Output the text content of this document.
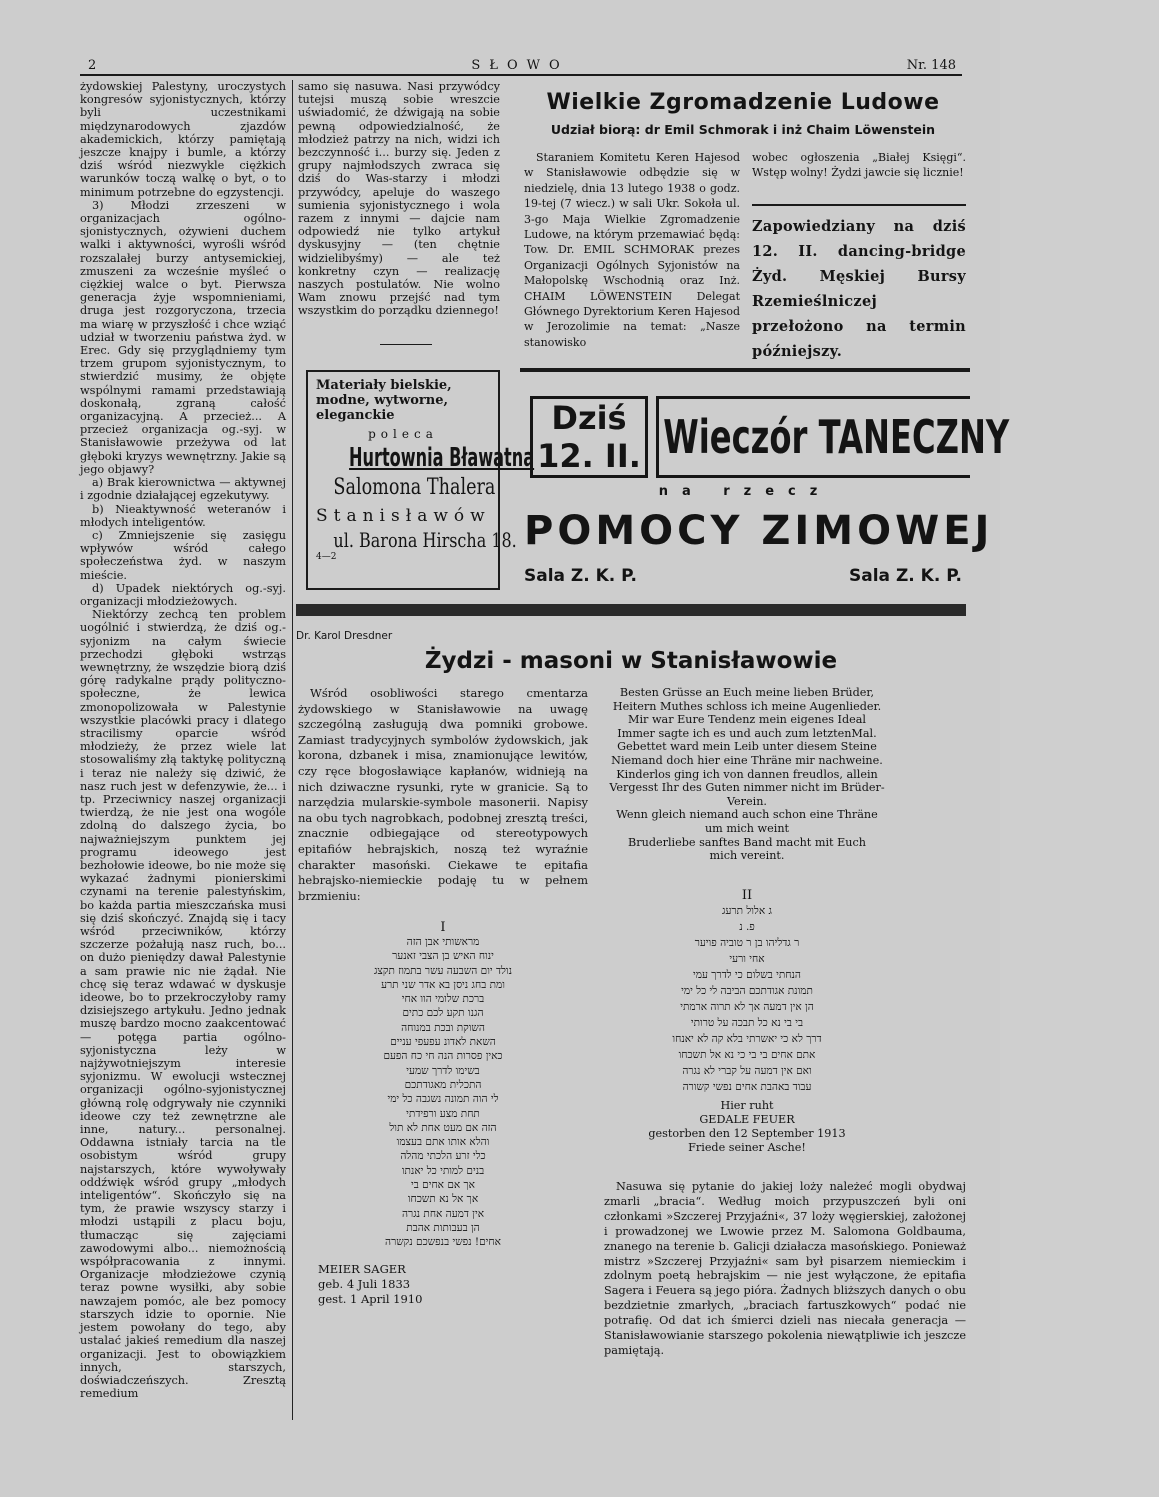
2	SŁOWO	Nr. 148

żydowskiej Palestyny, uroczystych kongresów syjonistycznych, którzy byli uczestnikami międzynarodowych zjazdów akademickich, którzy pamiętają jeszcze knajpy i bumle, a którzy dziś wśród niezwykle ciężkich warunków toczą walkę o byt, o to minimum potrzebne do egzystencji.

3) Młodzi zrzeszeni w organizacjach ogólno-sjonistycznych, ożywieni duchem walki i aktywności, wyrośli wśród rozszalałej burzy antysemickiej, zmuszeni za wcześnie myśleć o ciężkiej walce o byt. Pierwsza generacja żyje wspomnieniami, druga jest rozgoryczona, trzecia ma wiarę w przyszłość i chce wziąć udział w tworzeniu państwa żyd. w Erec. Gdy się przyglądniemy tym trzem grupom syjonistycznym, to stwierdzić musimy, że objęte wspólnymi ramami przedstawiają doskonałą, zgraną całość organizacyjną. A przecież... A przecież organizacja og.-syj. w Stanisławowie przeżywa od lat głęboki kryzys wewnętrzny. Jakie są jego objawy?

a) Brak kierownictwa — aktywnej i zgodnie działającej egzekutywy.

b) Nieaktywność weteranów i młodych inteligentów.

c) Zmniejszenie się zasięgu wpływów wśród całego społeczeństwa żyd. w naszym mieście.

d) Upadek niektórych og.-syj. organizacji młodzieżowych.

Niektórzy zechcą ten problem uogólnić i stwierdzą, że dziś og.-syjonizm na całym świecie przechodzi głęboki wstrząs wewnętrzny, że wszędzie biorą dziś górę radykalne prądy polityczno-społeczne, że lewica zmonopolizowała w Palestynie wszystkie placówki pracy i dlatego stracilismy oparcie wśród młodzieży, że przez wiele lat stosowaliśmy złą taktykę polityczną i teraz nie należy się dziwić, że nasz ruch jest w defenzywie, że... i tp. Przeciwnicy naszej organizacji twierdzą, że nie jest ona wogóle zdolną do dalszego życia, bo najważniejszym punktem jej programu ideowego jest bezhołowie ideowe, bo nie może się wykazać żadnymi pionierskimi czynami na terenie palestyńskim, bo każda partia mieszczańska musi się dziś skończyć. Znajdą się i tacy wśród przeciwników, którzy szczerze pożałują nasz ruch, bo... on dużo pieniędzy dawał Palestynie a sam prawie nic nie żądał. Nie chcę się teraz wdawać w dyskusje ideowe, bo to przekroczyłoby ramy dzisiejszego artykułu. Jedno jednak muszę bardzo mocno zaakcentować — potęga partia ogólno-syjonistyczna leży w najżywotniejszym interesie syjonizmu. W ewolucji wstecznej organizacji ogólno-syjonistycznej główną rolę odgrywały nie czynniki ideowe czy też zewnętrzne ale inne, natury... personalnej. Oddawna istniały tarcia na tle osobistym wśród grupy najstarszych, które wywoływały oddźwięk wśród grupy „młodych inteligentów“. Skończyło się na tym, że prawie wszyscy starzy i młodzi ustąpili z placu boju, tłumacząc się zajęciami zawodowymi albo... niemożnością współpracowania z innymi. Organizacje młodzieżowe czynią teraz powne wysiłki, aby sobie nawzajem pomóc, ale bez pomocy starszych idzie to opornie. Nie jestem powołany do tego, aby ustalać jakieś remedium dla naszej organizacji. Jest to obowiązkiem innych, starszych, doświadczeńszych. Zresztą remedium

samo się nasuwa. Nasi przywódcy tutejsi muszą sobie wreszcie uświadomić, że dźwigają na sobie pewną odpowiedzialność, że młodzież patrzy na nich, widzi ich bezczynność i... burzy się. Jeden z grupy najmłodszych zwraca się dziś do Was-starzy i młodzi przywódcy, apeluje do waszego sumienia syjonistycznego i wola razem z innymi — dajcie nam odpowiedź nie tylko artykuł dyskusyjny — (ten chętnie widzielibyśmy) — ale też konkretny czyn — realizację naszych postulatów. Nie wolno Wam znowu przejść nad tym wszystkim do porządku dziennego!

Materiały bielskie, modne, wytworne, eleganckie
poleca
Hurtownia Bławatna
Salomona Thalera
Stanisławów
ul. Barona Hirscha 18.
4—2
Wielkie Zgromadzenie Ludowe
Udział biorą: dr Emil Schmorak i inż Chaim Löwenstein

Staraniem Komitetu Keren Hajesod w Stanisławowie odbędzie się w niedzielę, dnia 13 lutego 1938 o godz. 19-tej (7 wiecz.) w sali Ukr. Sokoła ul. 3-go Maja Wielkie Zgromadzenie Ludowe, na którym przemawiać będą: Tow. Dr. EMIL SCHMORAK prezes Organizacji Ogólnych Syjonistów na Małopolskę Wschodnią oraz Inż. CHAIM LÖWENSTEIN Delegat Głównego Dyrektorium Keren Hajesod w Jerozolimie na temat: „Nasze stanowisko

wobec ogłoszenia „Białej Księgi“. Wstęp wolny! Żydzi jawcie się licznie!

Zapowiedziany na dziś 12. II. dancing-bridge Żyd. Męskiej Bursy Rzemieślniczej przełożono na termin późniejszy.

Dziś
12. II. Wieczór TANECZNY
na rzecz
POMOCY ZIMOWEJ
Sala Z. K. P.	Sala Z. K. P.
Dr. Karol Dresdner
Żydzi - masoni w Stanisławowie

Wśród osobliwości starego cmentarza żydowskiego w Stanisławowie na uwagę szczególną zasługują dwa pomniki grobowe. Zamiast tradycyjnych symbolów żydowskich, jak korona, dzbanek i misa, znamionujące lewitów, czy ręce błogosławiące kapłanów, widnieją na nich dziwaczne rysunki, ryte w granicie. Są to narzędzia mularskie-symbole masonerii. Napisy na obu tych nagrobkach, podobnej zresztą treści, znacznie odbiegające od stereotypowych epitafiów hebrajskich, noszą też wyraźnie charakter masoński. Ciekawe te epitafia hebrajsko-niemieckie podaję tu w pełnem brzmieniu:

I
מראשותי אבן הזה
ינוח האיש בן הצבי זאנער
נולד יום השבעה עשר בתמוז תקצג
ומת בחג ניסן בא אדר שני תרע
ברכת שלומי הוו אחי
הגנו תקע לכם כתים
השוקת ובכת במנוחה
השאת לאדונ עפעפי עניים
כאין פסרות הנה חי כח הפעם
בשימו לדרך שמעי
התכלית מאגודתכם
לי הוה תמונה נשגבה כל ימי
תחת מצע ורפידתי
הזה אם מעט אחת לא תול
והלא אותו אתם בעצמו
כלי זרע הלכתי מהלה
בנים למותי כל יאנתו
אך אם אחים בי
אך אל נא תשכחו
אין דמעה אחת נגרה
הן בעבותות אהבת
אחים! נפשי בנפשכם נקשרה
MEIER SAGER
geb. 4 Juli 1833
gest. 1 April 1910
Besten Grüsse an Euch meine lieben Brüder,
Heitern Muthes schloss ich meine Augenlieder.
Mir war Eure Tendenz mein eigenes Ideal
Immer sagte ich es und auch zum letztenMal.
Gebettet ward mein Leib unter diesem Steine
Niemand doch hier eine Thräne mir nachweine.
Kinderlos ging ich von dannen freudlos, allein
Vergesst Ihr des Guten nimmer nicht im Brüder-
Verein.
Wenn gleich niemand auch schon eine Thräne
um mich weint
Bruderliebe sanftes Band macht mit Euch
mich vereint.
II
ג אלול תרעג
פ. נ
ר גדליהו בן ר טוביה פויער
אחי ורעי
הנחתי בשלום כי לדרך עמי
תמונת אגודתכם הביבה לי כל ימי
הן אין דמעה אך לא תרוה ארמתי
בי בי נא כל תבכה על טרותי
דרך לא כי יאשרתי בלא קה לא יאנחו
אתם אחים בי בי כי נא אל תשכחו
ואם אין דמעה על קברי לא נגרה
עבוד באהבת אחים נפשי קשורה
Hier ruht
GEDALE FEUER
gestorben den 12 September 1913
Friede seiner Asche!

Nasuwa się pytanie do jakiej loży należeć mogli obydwaj zmarli „bracia“. Według moich przypuszczeń byli oni członkami »Szczerej Przyjaźni«, 37 loży węgierskiej, założonej i prowadzonej we Lwowie przez M. Salomona Goldbauma, znanego na terenie b. Galicji działacza masońskiego. Ponieważ mistrz »Szczerej Przyjaźni« sam był pisarzem niemieckim i zdolnym poetą hebrajskim — nie jest wyłączone, że epitafia Sagera i Feuera są jego pióra. Żadnych bliższych danych o obu bezdzietnie zmarłych, „braciach fartuszkowych“ podać nie potrafię. Od dat ich śmierci dzieli nas niecała generacja — Stanisławowianie starszego pokolenia niewątpliwie ich jeszcze pamiętają.
